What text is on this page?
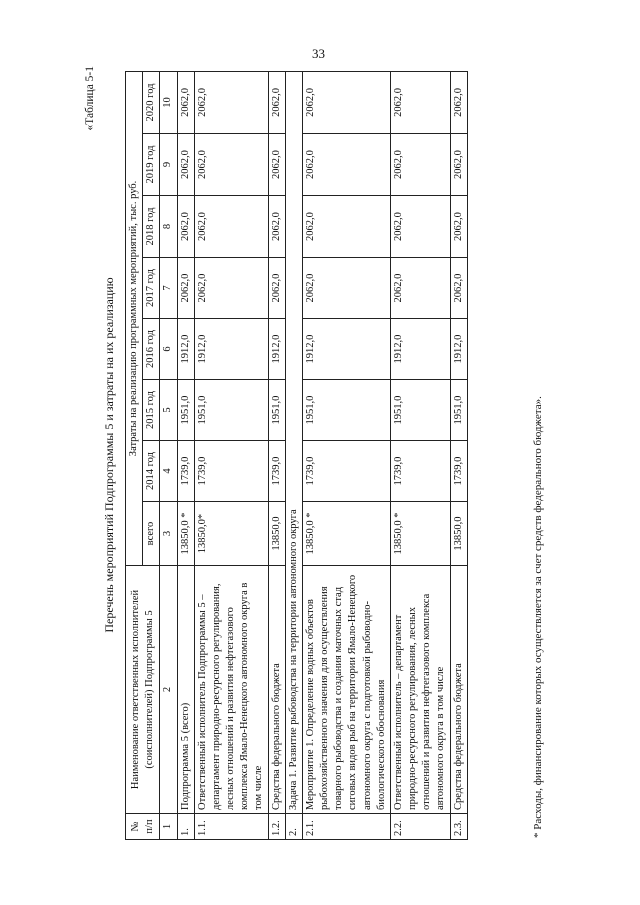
33
«Таблица 5-1
Перечень мероприятий Подпрограммы 5 и затраты на их реализацию
№ п/п	Наименование ответственных исполнителей (соисполнителей) Подпрограммы 5	Затраты на реализацию программных мероприятий, тыс. руб.							
		всего	2014 год	2015 год	2016 год	2017 год	2018 год	2019 год	2020 год
1	2	3	4	5	6	7	8	9	10
1.	Подпрограмма 5 (всего)	13850,0 *	1739,0	1951,0	1912,0	2062,0	2062,0	2062,0	2062,0
1.1.	Ответственный исполнитель Подпрограммы 5 – департамент природно-ресурсного регулирования, лесных отношений и развития нефтегазового комплекса Ямало-Ненецкого автономного округа в том числе	13850,0*	1739,0	1951,0	1912,0	2062,0	2062,0	2062,0	2062,0
1.2.	Средства федерального бюджета	13850,0	1739,0	1951,0	1912,0	2062,0	2062,0	2062,0	2062,0
2.	Задача 1. Развитие рыбоводства на территории автономного округа								
2.1.	Мероприятие 1. Определение водных объектов рыбохозяйственного значения для осуществления товарного рыбоводства и создания маточных стад сиговых видов рыб на территории Ямало-Ненецкого автономного округа с подготовкой рыбоводно-биологического обоснования	13850,0 *	1739,0	1951,0	1912,0	2062,0	2062,0	2062,0	2062,0
2.2.	Ответственный исполнитель – департамент природно-ресурсного регулирования, лесных отношений и развития нефтегазового комплекса автономного округа в том числе	13850,0 *	1739,0	1951,0	1912,0	2062,0	2062,0	2062,0	2062,0
2.3.	Средства федерального бюджета	13850,0	1739,0	1951,0	1912,0	2062,0	2062,0	2062,0	2062,0
* Расходы, финансирование которых осуществляется за счет средств федерального бюджета».
